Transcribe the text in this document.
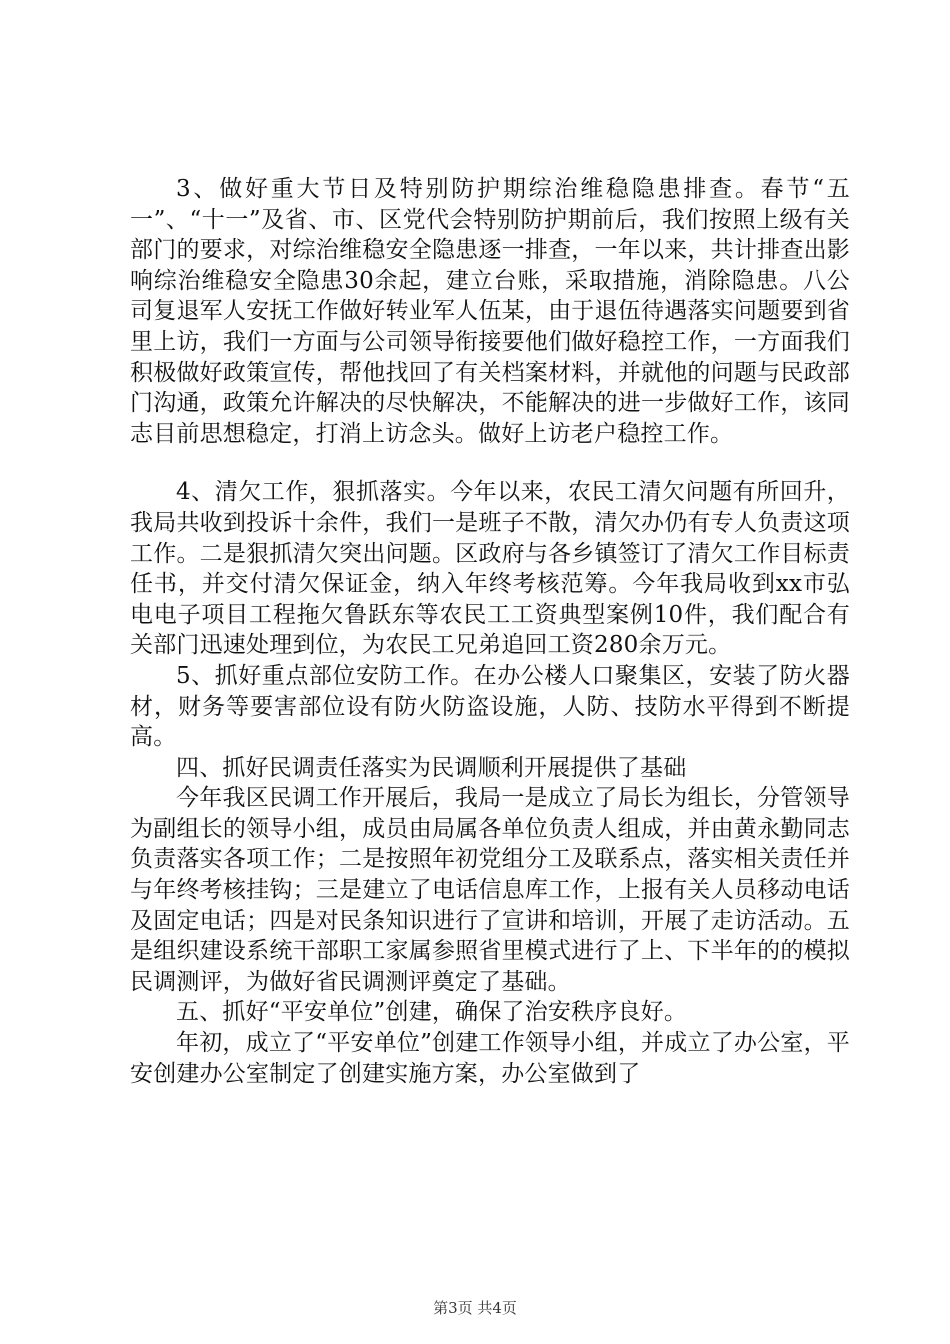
3、做好重大节日及特别防护期综治维稳隐患排查。春节“五一”、“十一”及省、市、区党代会特别防护期前后，我们按照上级有关部门的要求，对综治维稳安全隐患逐一排查，一年以来，共计排查出影响综治维稳安全隐患30余起，建立台账，采取措施，消除隐患。八公司复退军人安抚工作做好转业军人伍某，由于退伍待遇落实问题要到省里上访，我们一方面与公司领导衔接要他们做好稳控工作，一方面我们积极做好政策宣传，帮他找回了有关档案材料，并就他的问题与民政部门沟通，政策允许解决的尽快解决，不能解决的进一步做好工作，该同志目前思想稳定，打消上访念头。做好上访老户稳控工作。

4、清欠工作，狠抓落实。今年以来，农民工清欠问题有所回升，我局共收到投诉十余件，我们一是班子不散，清欠办仍有专人负责这项工作。二是狠抓清欠突出问题。区政府与各乡镇签订了清欠工作目标责任书，并交付清欠保证金，纳入年终考核范筹。今年我局收到xx市弘电电子项目工程拖欠鲁跃东等农民工工资典型案例10件，我们配合有关部门迅速处理到位，为农民工兄弟追回工资280余万元。

5、抓好重点部位安防工作。在办公楼人口聚集区，安装了防火器材，财务等要害部位设有防火防盗设施，人防、技防水平得到不断提高。

四、抓好民调责任落实为民调顺利开展提供了基础

今年我区民调工作开展后，我局一是成立了局长为组长，分管领导为副组长的领导小组，成员由局属各单位负责人组成，并由黄永勤同志负责落实各项工作；二是按照年初党组分工及联系点，落实相关责任并与年终考核挂钩；三是建立了电话信息库工作，上报有关人员移动电话及固定电话；四是对民条知识进行了宣讲和培训，开展了走访活动。五是组织建设系统干部职工家属参照省里模式进行了上、下半年的的模拟民调测评，为做好省民调测评奠定了基础。

五、抓好“平安单位”创建，确保了治安秩序良好。

年初，成立了“平安单位”创建工作领导小组，并成立了办公室，平安创建办公室制定了创建实施方案，办公室做到了

第3页 共4页
